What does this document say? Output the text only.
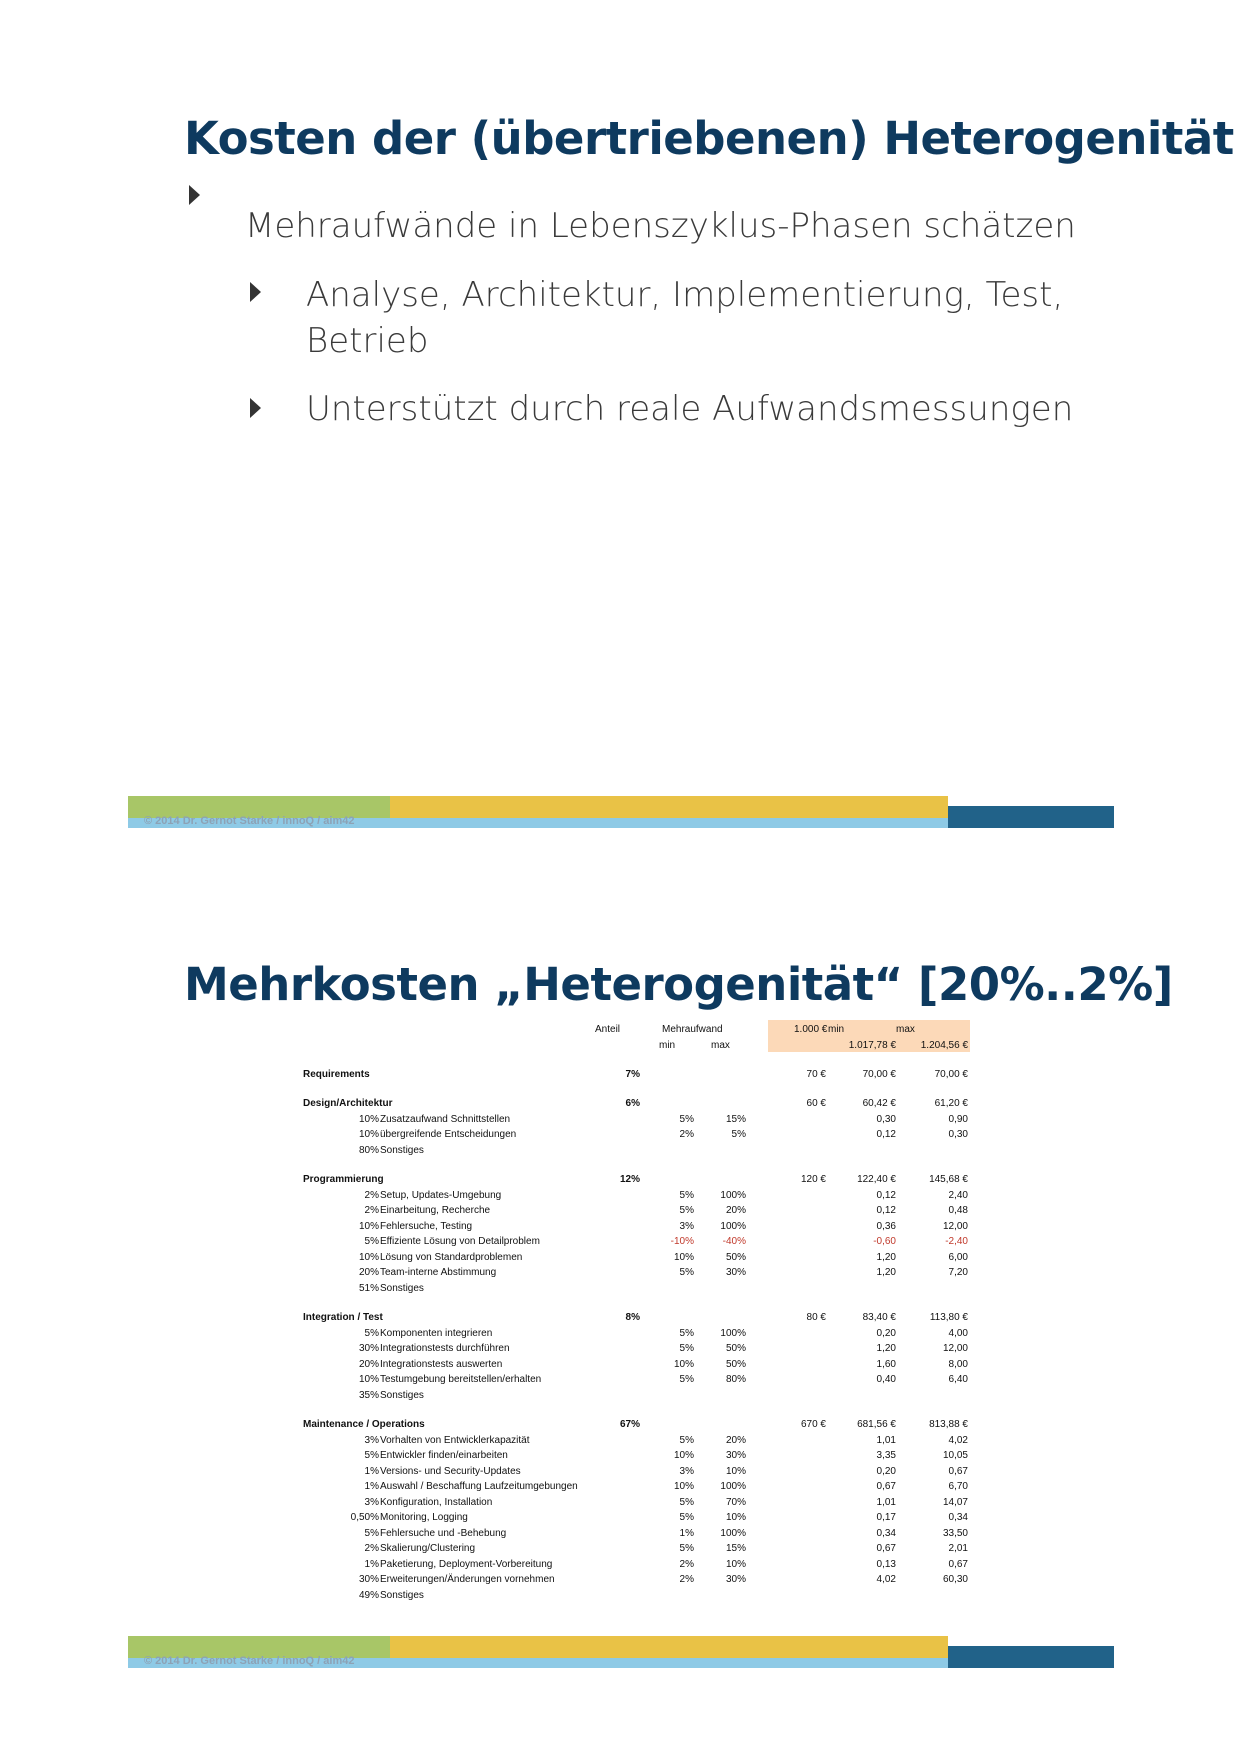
Kosten der (übertriebenen) Heterogenität
Mehraufwände in Lebenszyklus-Phasen schätzen
Analyse, Architektur, Implementierung, Test, Betrieb
Unterstützt durch reale Aufwandsmessungen
© 2014 Dr. Gernot Starke / innoQ / aim42
Mehrkosten „Heterogenität“ [20%..2%]
Anteil	Mehraufwand
min	max
1.000 € min	max
1.017,78 €	1.204,56 €
Requirements	7%	70 €	70,00 €	70,00 €
Design/Architektur	6%	60 €	60,42 €	61,20 €
10% Zusatzaufwand Schnittstellen	5%	15%	0,30	0,90
10% übergreifende Entscheidungen	2%	5%	0,12	0,30
80% Sonstiges
Programmierung	12%	120 €	122,40 €	145,68 €
2% Setup, Updates-Umgebung	5%	100%	0,12	2,40
2% Einarbeitung, Recherche	5%	20%	0,12	0,48
10% Fehlersuche, Testing	3%	100%	0,36	12,00
5% Effiziente Lösung von Detailproblem	-10%	-40%	-0,60	-2,40
10% Lösung von Standardproblemen	10%	50%	1,20	6,00
20% Team-interne Abstimmung	5%	30%	1,20	7,20
51% Sonstiges
Integration / Test	8%	80 €	83,40 €	113,80 €
5% Komponenten integrieren	5%	100%	0,20	4,00
30% Integrationstests durchführen	5%	50%	1,20	12,00
20% Integrationstests auswerten	10%	50%	1,60	8,00
10% Testumgebung bereitstellen/erhalten	5%	80%	0,40	6,40
35% Sonstiges
Maintenance / Operations	67%	670 €	681,56 €	813,88 €
3% Vorhalten von Entwicklerkapazität	5%	20%	1,01	4,02
5% Entwickler finden/einarbeiten	10%	30%	3,35	10,05
1% Versions- und Security-Updates	3%	10%	0,20	0,67
1% Auswahl / Beschaffung Laufzeitumgebungen	10%	100%	0,67	6,70
3% Konfiguration, Installation	5%	70%	1,01	14,07
0,50% Monitoring, Logging	5%	10%	0,17	0,34
5% Fehlersuche und -Behebung	1%	100%	0,34	33,50
2% Skalierung/Clustering	5%	15%	0,67	2,01
1% Paketierung, Deployment-Vorbereitung	2%	10%	0,13	0,67
30% Erweiterungen/Änderungen vornehmen	2%	30%	4,02	60,30
49% Sonstiges
© 2014 Dr. Gernot Starke / innoQ / aim42
